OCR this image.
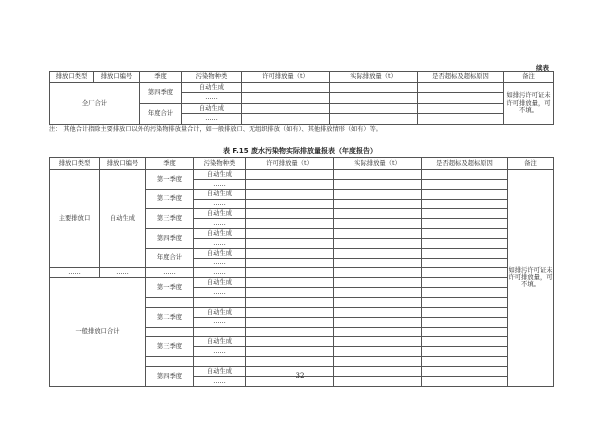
续表
排放口类型	排放口编号	季度	污染物种类	许可排放量（t）	实际排放量（t）	是否超标及超标原因	备注
全厂合计		第四季度	自动生成				如排污许可证未许可排放量，可不填。
			……				
		年度合计	自动生成				
			……				
注： 其他合计指除主要排放口以外的污染物排放量合计，如一般排放口、无组织排放（如有）、其他排放情形（如有）等。
表 F.15 废水污染物实际排放量报表（年度报告）
排放口类型	排放口编号	季度	污染物种类	许可排放量（t）	实际排放量（t）	是否超标及超标原因	备注
主要排放口	自动生成	第一季度	自动生成				如排污许可证未许可排放量，可不填。
			……				
		第二季度	自动生成				
			……				
		第三季度	自动生成				
			……				
		第四季度	自动生成				
			……				
		年度合计	自动生成				
			……				
……	……	……	……				
一般排放口合计		第一季度	自动生成				
			……				

		第二季度	自动生成				
			……				

		第三季度	自动生成				
			……				

		第四季度	自动生成				
			……				
32
